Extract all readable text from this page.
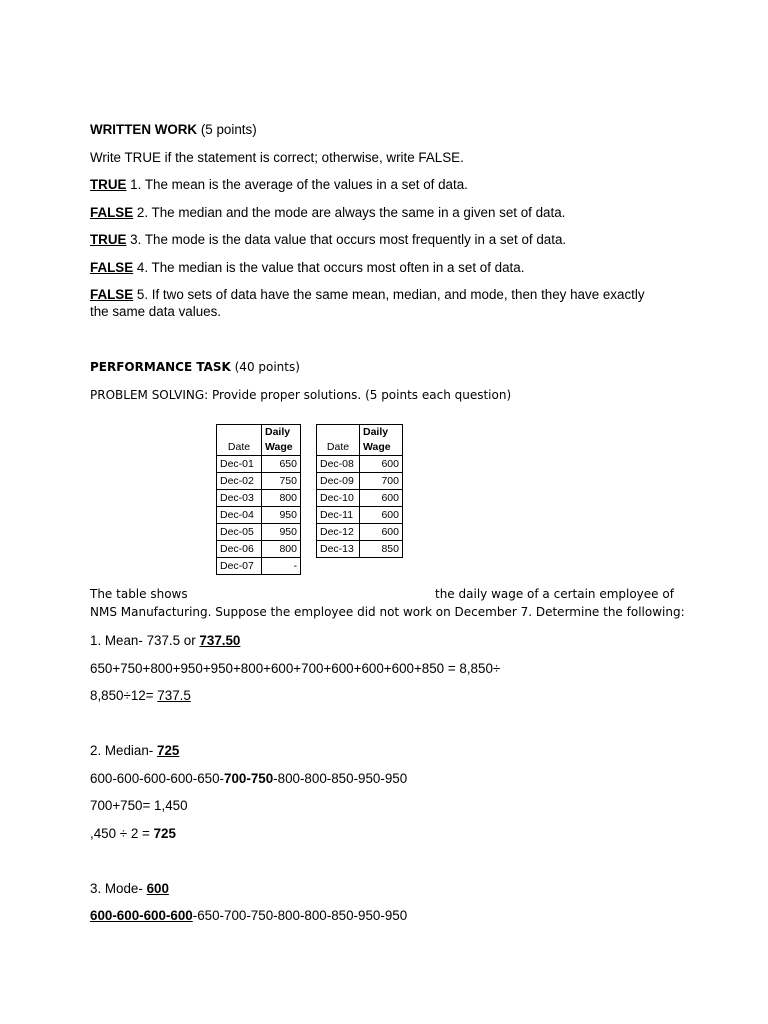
WRITTEN WORK (5 points)
Write TRUE if the statement is correct; otherwise, write FALSE.
TRUE 1. The mean is the average of the values in a set of data.
FALSE 2. The median and the mode are always the same in a given set of data.
TRUE 3. The mode is the data value that occurs most frequently in a set of data.
FALSE 4. The median is the value that occurs most often in a set of data.
FALSE 5. If two sets of data have the same mean, median, and mode, then they have exactly
the same data values.
PERFORMANCE TASK (40 points)
PROBLEM SOLVING: Provide proper solutions. (5 points each question)
Date	Daily
Wage
Dec-01	650
Dec-02	750
Dec-03	800
Dec-04	950
Dec-05	950
Dec-06	800
Dec-07	-
Date	Daily
Wage
Dec-08	600
Dec-09	700
Dec-10	600
Dec-11	600
Dec-12	600
Dec-13	850
The table shows	the daily wage of a certain employee of
NMS Manufacturing. Suppose the employee did not work on December 7. Determine the following:
1. Mean- 737.5 or 737.50
650+750+800+950+950+800+600+700+600+600+600+850 = 8,850÷
8,850÷12= 737.5
2. Median- 725
600-600-600-600-650-700-750-800-800-850-950-950
700+750= 1,450
,450 ÷ 2 = 725
3. Mode- 600
600-600-600-600-650-700-750-800-800-850-950-950
